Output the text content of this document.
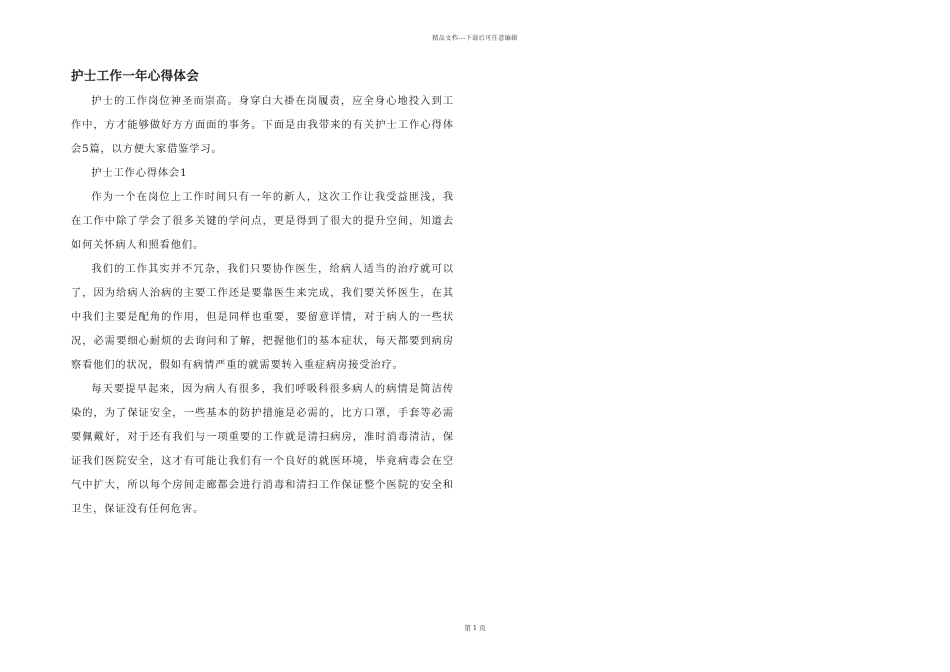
精品文档---下载后可任意编辑
护士工作一年心得体会

护士的工作岗位神圣而崇高。身穿白大褂在岗履责，应全身心地投入到工作中，方才能够做好方方面面的事务。下面是由我带来的有关护士工作心得体会5篇，以方便大家借鉴学习。

护士工作心得体会1

作为一个在岗位上工作时间只有一年的新人，这次工作让我受益匪浅，我在工作中除了学会了很多关键的学问点，更是得到了很大的提升空间，知道去如何关怀病人和照看他们。

我们的工作其实并不冗杂，我们只要协作医生，给病人适当的治疗就可以了，因为给病人治病的主要工作还是要靠医生来完成，我们要关怀医生，在其中我们主要是配角的作用，但是同样也重要，要留意详情，对于病人的一些状况，必需要细心耐烦的去询问和了解，把握他们的基本症状，每天都要到病房察看他们的状况，假如有病情严重的就需要转入重症病房接受治疗。

每天要提早起来，因为病人有很多，我们呼吸科很多病人的病情是简洁传染的，为了保证安全，一些基本的防护措施是必需的，比方口罩，手套等必需要佩戴好，对于还有我们与一项重要的工作就是清扫病房，准时消毒清洁，保证我们医院安全，这才有可能让我们有一个良好的就医环境，毕竟病毒会在空气中扩大，所以每个房间走廊都会进行消毒和清扫工作保证整个医院的安全和卫生，保证没有任何危害。

第 1 页
